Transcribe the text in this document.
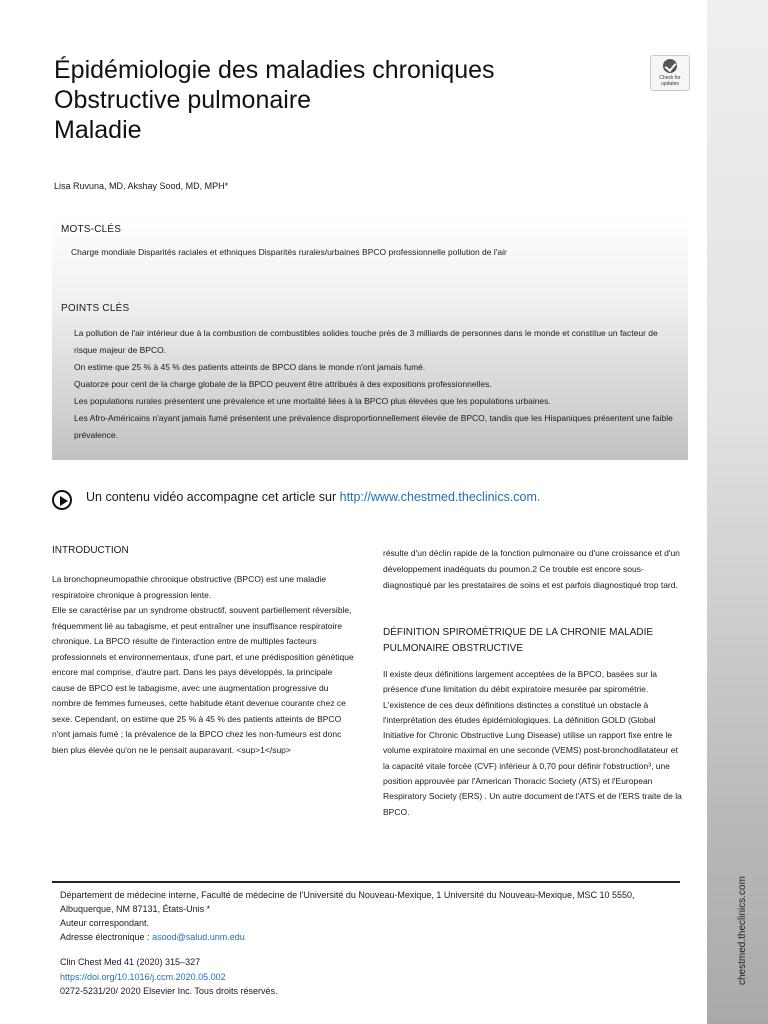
chestmed.theclinics.com
Épidémiologie des maladies chroniques
Obstructive pulmonaire
Maladie
Check for updates
Lisa Ruvuna, MD, Akshay Sood, MD, MPH*
MOTS-CLÉS
Charge mondiale Disparités raciales et ethniques Disparités rurales/urbaines BPCO professionnelle pollution de l'air
POINTS CLÉS
La pollution de l'air intérieur due à la combustion de combustibles solides touche près de 3 milliards de personnes dans le monde et constitue un facteur de risque majeur de BPCO.
On estime que 25 % à 45 % des patients atteints de BPCO dans le monde n'ont jamais fumé.
Quatorze pour cent de la charge globale de la BPCO peuvent être attribués à des expositions professionnelles.
Les populations rurales présentent une prévalence et une mortalité liées à la BPCO plus élevées que les populations urbaines.
Les Afro-Américains n'ayant jamais fumé présentent une prévalence disproportionnellement élevée de BPCO, tandis que les Hispaniques présentent une faible prévalence.
Un contenu vidéo accompagne cet article sur http://www.chestmed.theclinics.com.
INTRODUCTION

La bronchopneumopathie chronique obstructive (BPCO) est une maladie respiratoire chronique à progression lente.

Elle se caractérise par un syndrome obstructif, souvent partiellement réversible, fréquemment lié au tabagisme, et peut entraîner une insuffisance respiratoire chronique. La BPCO résulte de l'interaction entre de multiples facteurs professionnels et environnementaux, d'une part, et une prédisposition génétique encore mal comprise, d'autre part. Dans les pays développés, la principale cause de BPCO est le tabagisme, avec une augmentation progressive du nombre de femmes fumeuses, cette habitude étant devenue courante chez ce sexe. Cependant, on estime que 25 % à 45 % des patients atteints de BPCO n'ont jamais fumé ; la prévalence de la BPCO chez les non-fumeurs est donc bien plus élevée qu'on ne le pensait auparavant. <sup>1</sup>

résulte d'un déclin rapide de la fonction pulmonaire ou d'une croissance et d'un développement inadéquats du poumon.2 Ce trouble est encore sous-diagnostiqué par les prestataires de soins et est parfois diagnostiqué trop tard.
DÉFINITION SPIROMÉTRIQUE DE LA CHRONIE MALADIE PULMONAIRE OBSTRUCTIVE
Il existe deux définitions largement acceptées de la BPCO, basées sur la présence d'une limitation du débit expiratoire mesurée par spirométrie. L'existence de ces deux définitions distinctes a constitué un obstacle à l'interprétation des études épidémiologiques. La définition GOLD (Global Initiative for Chronic Obstructive Lung Disease) utilise un rapport fixe entre le volume expiratoire maximal en une seconde (VEMS) post-bronchodilatateur et la capacité vitale forcée (CVF) inférieur à 0,70 pour définir l'obstruction³, une position approuvée par l'American Thoracic Society (ATS) et l'European Respiratory Society (ERS) . Un autre document de l'ATS et de l'ERS traite de la BPCO.
Département de médecine interne, Faculté de médecine de l'Université du Nouveau-Mexique, 1 Université du Nouveau-Mexique, MSC 10 5550, Albuquerque, NM 87131, États-Unis *
Auteur correspondant.
Adresse électronique : asood@salud.unm.edu
Clin Chest Med 41 (2020) 315–327
https://doi.org/10.1016/j.ccm.2020.05.002
0272-5231/20/ 2020 Elsevier Inc. Tous droits réservés.
